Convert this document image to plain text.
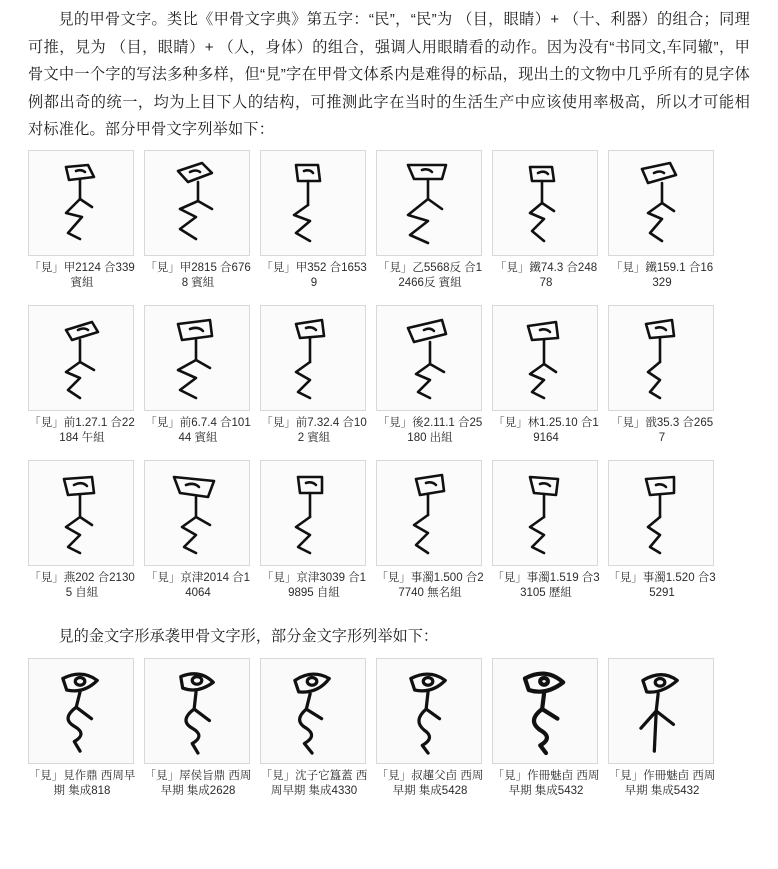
見的甲骨文字。类比《甲骨文字典》第五字：“民”，“民”为 （目，眼睛）+ （十、利器）的组合；同理可推，見为 （目，眼睛）+ （人，身体）的组合，强调人用眼睛看的动作。因为没有“书同文,车同辙”，甲骨文中一个字的写法多种多样，但“見”字在甲骨文体系内是难得的标品，现出土的文物中几乎所有的見字体例都出奇的统一，均为上目下人的结构，可推测此字在当时的生活生产中应该使用率极高，所以才可能相对标准化。部分甲骨文字列举如下：

「見」甲2124 合339 賓組
「見」甲2815 合6768 賓組
「見」甲352 合16539
「見」乙5568反 合12466反 賓組
「見」鐵74.3 合24878
「見」鐵159.1 合16329
「見」前1.27.1 合22184 午組
「見」前6.7.4 合10144 賓組
「見」前7.32.4 合102 賓組
「見」後2.11.1 合25180 出組
「見」林1.25.10 合19164
「見」戩35.3 合2657
「見」燕202 合21305 自組
「見」京津2014 合14064
「見」京津3039 合19895 自組
「見」事濁1.500 合27740 無名組
「見」事濁1.519 合33105 歷組
「見」事濁1.520 合35291

見的金文字形承袭甲骨文字形，部分金文字形列举如下：

「見」見作鼎 西周早期 集成818
「見」屖侯旨鼎 西周早期 集成2628
「見」沈子它簋蓋 西周早期 集成4330
「見」叔趯父卣 西周早期 集成5428
「見」作冊魅卣 西周早期 集成5432
「見」作冊魅卣 西周早期 集成5432
